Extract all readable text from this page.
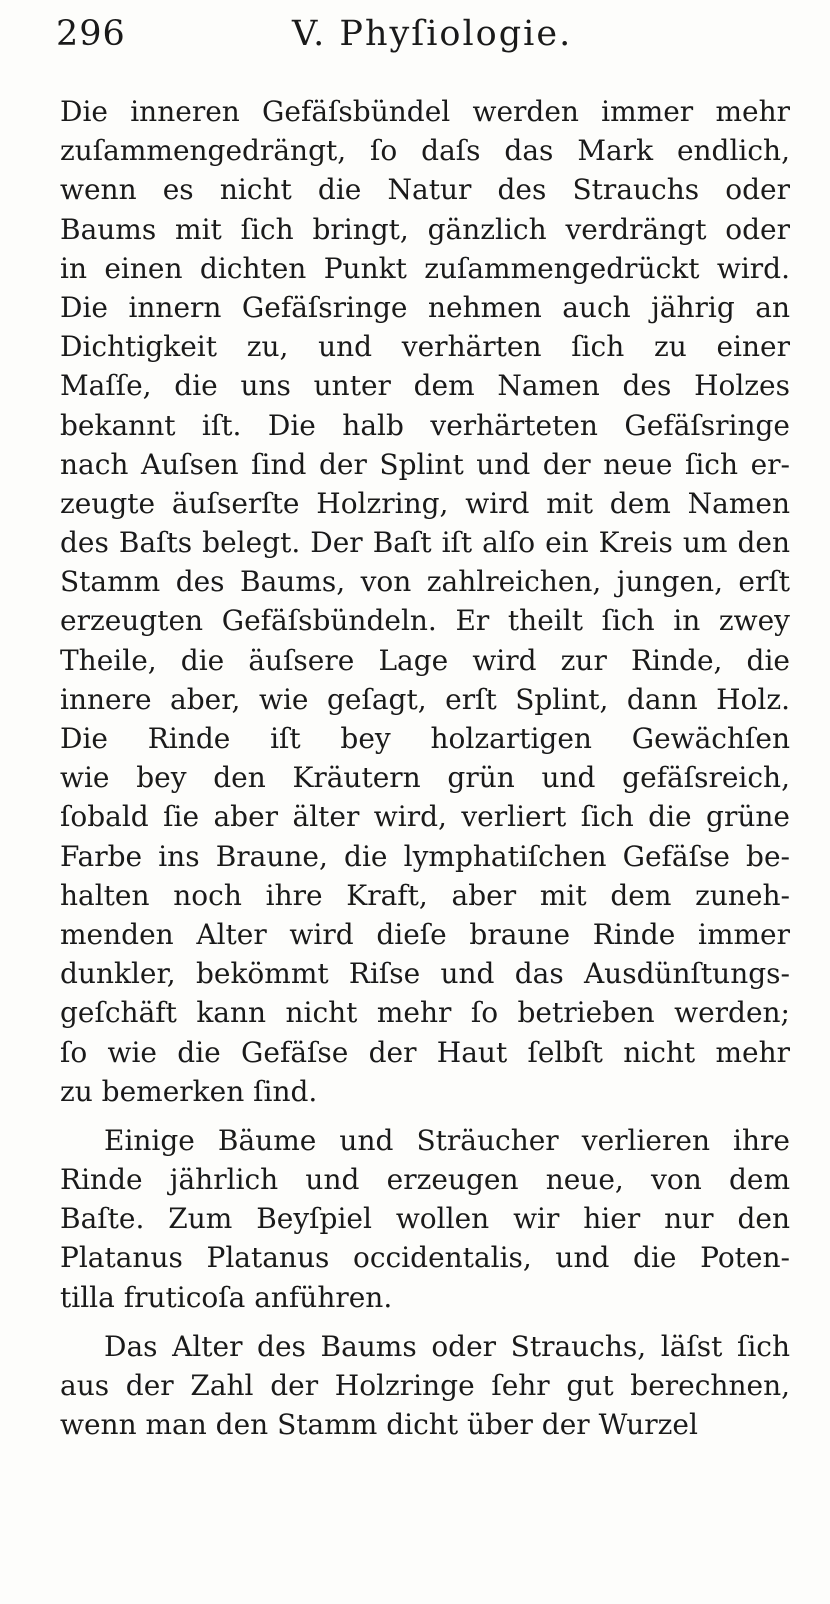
296	V. Phyſiologie.
Die inneren Gefäſsbündel werden immer mehr
zuſammengedrängt, ſo daſs das Mark endlich,
wenn es nicht die Natur des Strauchs oder
Baums mit ſich bringt, gänzlich verdrängt oder
in einen dichten Punkt zuſammengedrückt wird.
Die innern Gefäſsringe nehmen auch jährig an
Dichtigkeit zu, und verhärten ſich zu einer
Maſſe, die uns unter dem Namen des Holzes
bekannt iſt. Die halb verhärteten Gefäſsringe
nach Auſsen ſind der Splint und der neue ſich er-
zeugte äuſserſte Holzring, wird mit dem Namen
des Baſts belegt. Der Baſt iſt alſo ein Kreis um den
Stamm des Baums, von zahlreichen, jungen, erſt
erzeugten Gefäſsbündeln. Er theilt ſich in zwey
Theile, die äuſsere Lage wird zur Rinde, die
innere aber, wie geſagt, erſt Splint, dann Holz.
Die Rinde iſt bey holzartigen Gewächſen
wie bey den Kräutern grün und gefäſsreich,
ſobald ſie aber älter wird, verliert ſich die grüne
Farbe ins Braune, die lymphatiſchen Gefäſse be-
halten noch ihre Kraft, aber mit dem zuneh-
menden Alter wird dieſe braune Rinde immer
dunkler, bekömmt Riſse und das Ausdünſtungs-
geſchäft kann nicht mehr ſo betrieben werden;
ſo wie die Gefäſse der Haut ſelbſt nicht mehr
zu bemerken ſind.
Einige Bäume und Sträucher verlieren ihre
Rinde jährlich und erzeugen neue, von dem
Baſte. Zum Beyſpiel wollen wir hier nur den
Platanus Platanus occidentalis, und die Poten-
tilla fruticoſa anführen.
Das Alter des Baums oder Strauchs, läſst ſich
aus der Zahl der Holzringe ſehr gut berechnen,
wenn man den Stamm dicht über der Wurzel
